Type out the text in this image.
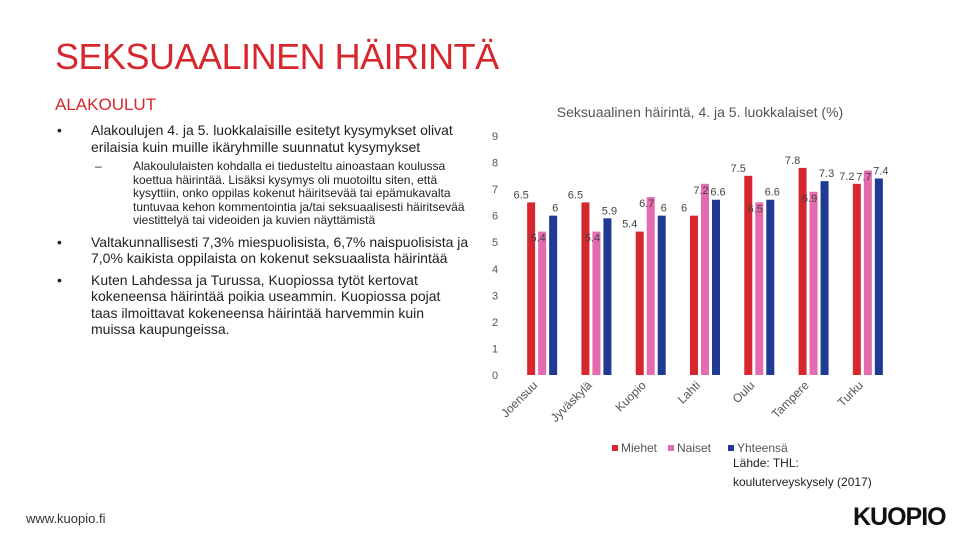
SEKSUAALINEN HÄIRINTÄ
ALAKOULUT
• Alakoulujen 4. ja 5. luokkalaisille esitetyt kysymykset olivat erilaisia kuin muille ikäryhmille suunnatut kysymykset
–	Alakoululaisten kohdalla ei tiedusteltu ainoastaan koulussa koettua häirintää. Lisäksi kysymys oli muotoiltu siten, että kysyttiin, onko oppilas kokenut häiritsevää tai epämukavalta tuntuvaa kehon kommentointia ja/tai seksuaalisesti häiritsevää viestittelyä tai videoiden ja kuvien näyttämistä
• Valtakunnallisesti 7,3% miespuolisista, 6,7% naispuolisista ja 7,0% kaikista oppilaista on kokenut seksuaalista häirintää
• Kuten Lahdessa ja Turussa, Kuopiossa tytöt kertovat kokeneensa häirintää poikia useammin. Kuopiossa pojat taas ilmoittavat kokeneensa häirintää harvemmin kuin muissa kaupungeissa.
Seksuaalinen häirintä, 4. ja 5. luokkalaiset (%)
0
1
2
3
4
5
6
7
8
9
6.5
5.4
6
6.5
5.4
5.9
5.4
6.7 6 6
7.2 6.6
7.5
6.5
6.6
7.8
6.9
7.3 7.2 7.7
7.4
Joensuu Jyväskylä Kuopio Lahti Oulu Tampere Turku
Miehet Naiset Yhteensä
Lähde: THL:
kouluterveyskysely (2017)
www.kuopio.fi	KUOPIO
